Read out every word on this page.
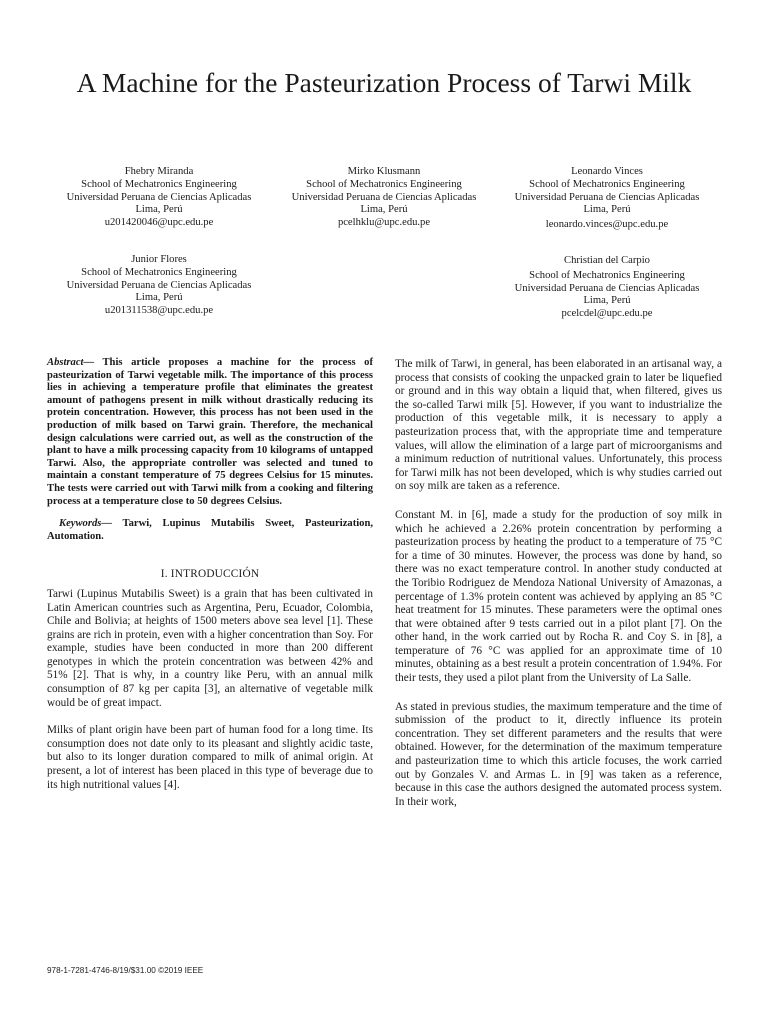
A Machine for the Pasteurization Process of Tarwi Milk
Fhebry Miranda
School of Mechatronics Engineering
Universidad Peruana de Ciencias Aplicadas
Lima, Perú
u201420046@upc.edu.pe
Mirko Klusmann
School of Mechatronics Engineering
Universidad Peruana de Ciencias Aplicadas
Lima, Perú
pcelhklu@upc.edu.pe
Leonardo Vinces
School of Mechatronics Engineering
Universidad Peruana de Ciencias Aplicadas
Lima, Perú
leonardo.vinces@upc.edu.pe
Junior Flores
School of Mechatronics Engineering
Universidad Peruana de Ciencias Aplicadas
Lima, Perú
u201311538@upc.edu.pe
Christian del Carpio
School of Mechatronics Engineering
Universidad Peruana de Ciencias Aplicadas
Lima, Perú
pcelcdel@upc.edu.pe
Abstract— This article proposes a machine for the process of pasteurization of Tarwi vegetable milk. The importance of this process lies in achieving a temperature profile that eliminates the greatest amount of pathogens present in milk without drastically reducing its protein concentration. However, this process has not been used in the production of milk based on Tarwi grain. Therefore, the mechanical design calculations were carried out, as well as the construction of the plant to have a milk processing capacity from 10 kilograms of untapped Tarwi. Also, the appropriate controller was selected and tuned to maintain a constant temperature of 75 degrees Celsius for 15 minutes. The tests were carried out with Tarwi milk from a cooking and filtering process at a temperature close to 50 degrees Celsius.
Keywords— Tarwi, Lupinus Mutabilis Sweet, Pasteurization, Automation.
I. INTRODUCCIÓN

Tarwi (Lupinus Mutabilis Sweet) is a grain that has been cultivated in Latin American countries such as Argentina, Peru, Ecuador, Colombia, Chile and Bolivia; at heights of 1500 meters above sea level [1]. These grains are rich in protein, even with a higher concentration than Soy. For example, studies have been conducted in more than 200 different genotypes in which the protein concentration was between 42% and 51% [2]. That is why, in a country like Peru, with an annual milk consumption of 87 kg per capita [3], an alternative of vegetable milk would be of great impact.

Milks of plant origin have been part of human food for a long time. Its consumption does not date only to its pleasant and slightly acidic taste, but also to its longer duration compared to milk of animal origin. At present, a lot of interest has been placed in this type of beverage due to its high nutritional values [4].

The milk of Tarwi, in general, has been elaborated in an artisanal way, a process that consists of cooking the unpacked grain to later be liquefied or ground and in this way obtain a liquid that, when filtered, gives us the so-called Tarwi milk [5]. However, if you want to industrialize the production of this vegetable milk, it is necessary to apply a pasteurization process that, with the appropriate time and temperature values, will allow the elimination of a large part of microorganisms and a minimum reduction of nutritional values. Unfortunately, this process for Tarwi milk has not been developed, which is why studies carried out on soy milk are taken as a reference.

Constant M. in [6], made a study for the production of soy milk in which he achieved a 2.26% protein concentration by performing a pasteurization process by heating the product to a temperature of 75 °C for a time of 30 minutes. However, the process was done by hand, so there was no exact temperature control. In another study conducted at the Toribio Rodriguez de Mendoza National University of Amazonas, a percentage of 1.3% protein content was achieved by applying an 85 °C heat treatment for 15 minutes. These parameters were the optimal ones that were obtained after 9 tests carried out in a pilot plant [7]. On the other hand, in the work carried out by Rocha R. and Coy S. in [8], a temperature of 76 °C was applied for an approximate time of 10 minutes, obtaining as a best result a protein concentration of 1.94%. For their tests, they used a pilot plant from the University of La Salle.

As stated in previous studies, the maximum temperature and the time of submission of the product to it, directly influence its protein concentration. They set different parameters and the results that were obtained. However, for the determination of the maximum temperature and pasteurization time to which this article focuses, the work carried out by Gonzales V. and Armas L. in [9] was taken as a reference, because in this case the authors designed the automated process system. In their work,

978-1-7281-4746-8/19/$31.00 ©2019 IEEE
